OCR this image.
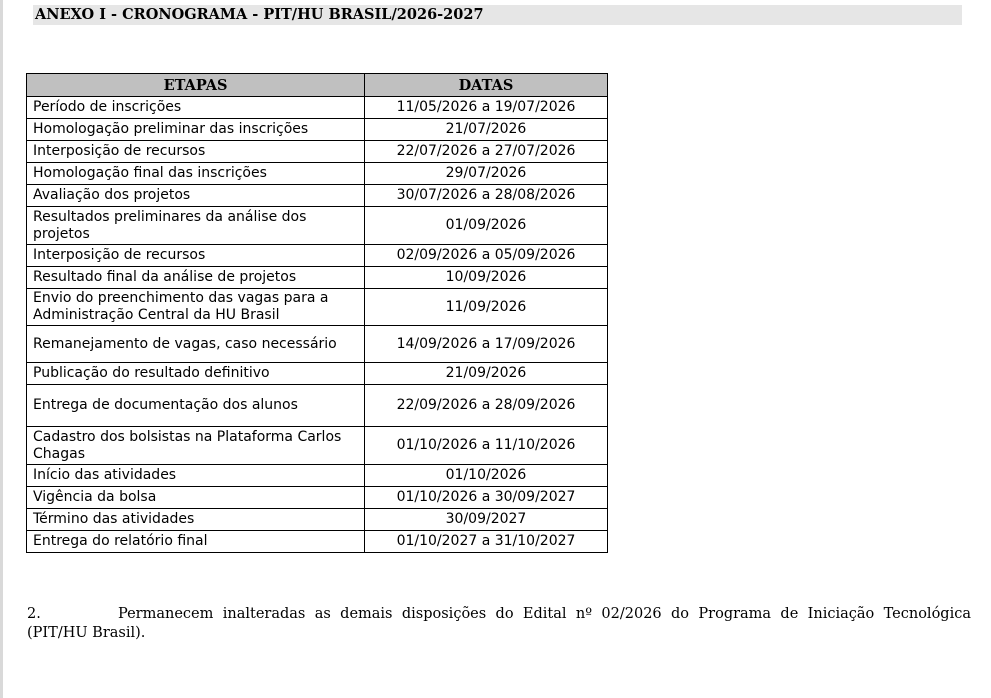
ANEXO I - CRONOGRAMA - PIT/HU BRASIL/2026-2027
ETAPAS	DATAS
Período de inscrições	11/05/2026 a 19/07/2026
Homologação preliminar das inscrições	21/07/2026
Interposição de recursos	22/07/2026 a 27/07/2026
Homologação final das inscrições	29/07/2026
Avaliação dos projetos	30/07/2026 a 28/08/2026
Resultados preliminares da análise dos projetos	01/09/2026
Interposição de recursos	02/09/2026 a 05/09/2026
Resultado final da análise de projetos	10/09/2026
Envio do preenchimento das vagas para a Administração Central da HU Brasil	11/09/2026
Remanejamento de vagas, caso necessário	14/09/2026 a 17/09/2026
Publicação do resultado definitivo	21/09/2026
Entrega de documentação dos alunos	22/09/2026 a 28/09/2026
Cadastro dos bolsistas na Plataforma Carlos Chagas	01/10/2026 a 11/10/2026
Início das atividades	01/10/2026
Vigência da bolsa	01/10/2026 a 30/09/2027
Término das atividades	30/09/2027
Entrega do relatório final	01/10/2027 a 31/10/2027
2.	Permanecem inalteradas as demais disposições do Edital nº 02/2026 do Programa de Iniciação Tecnológica (PIT/HU Brasil).
